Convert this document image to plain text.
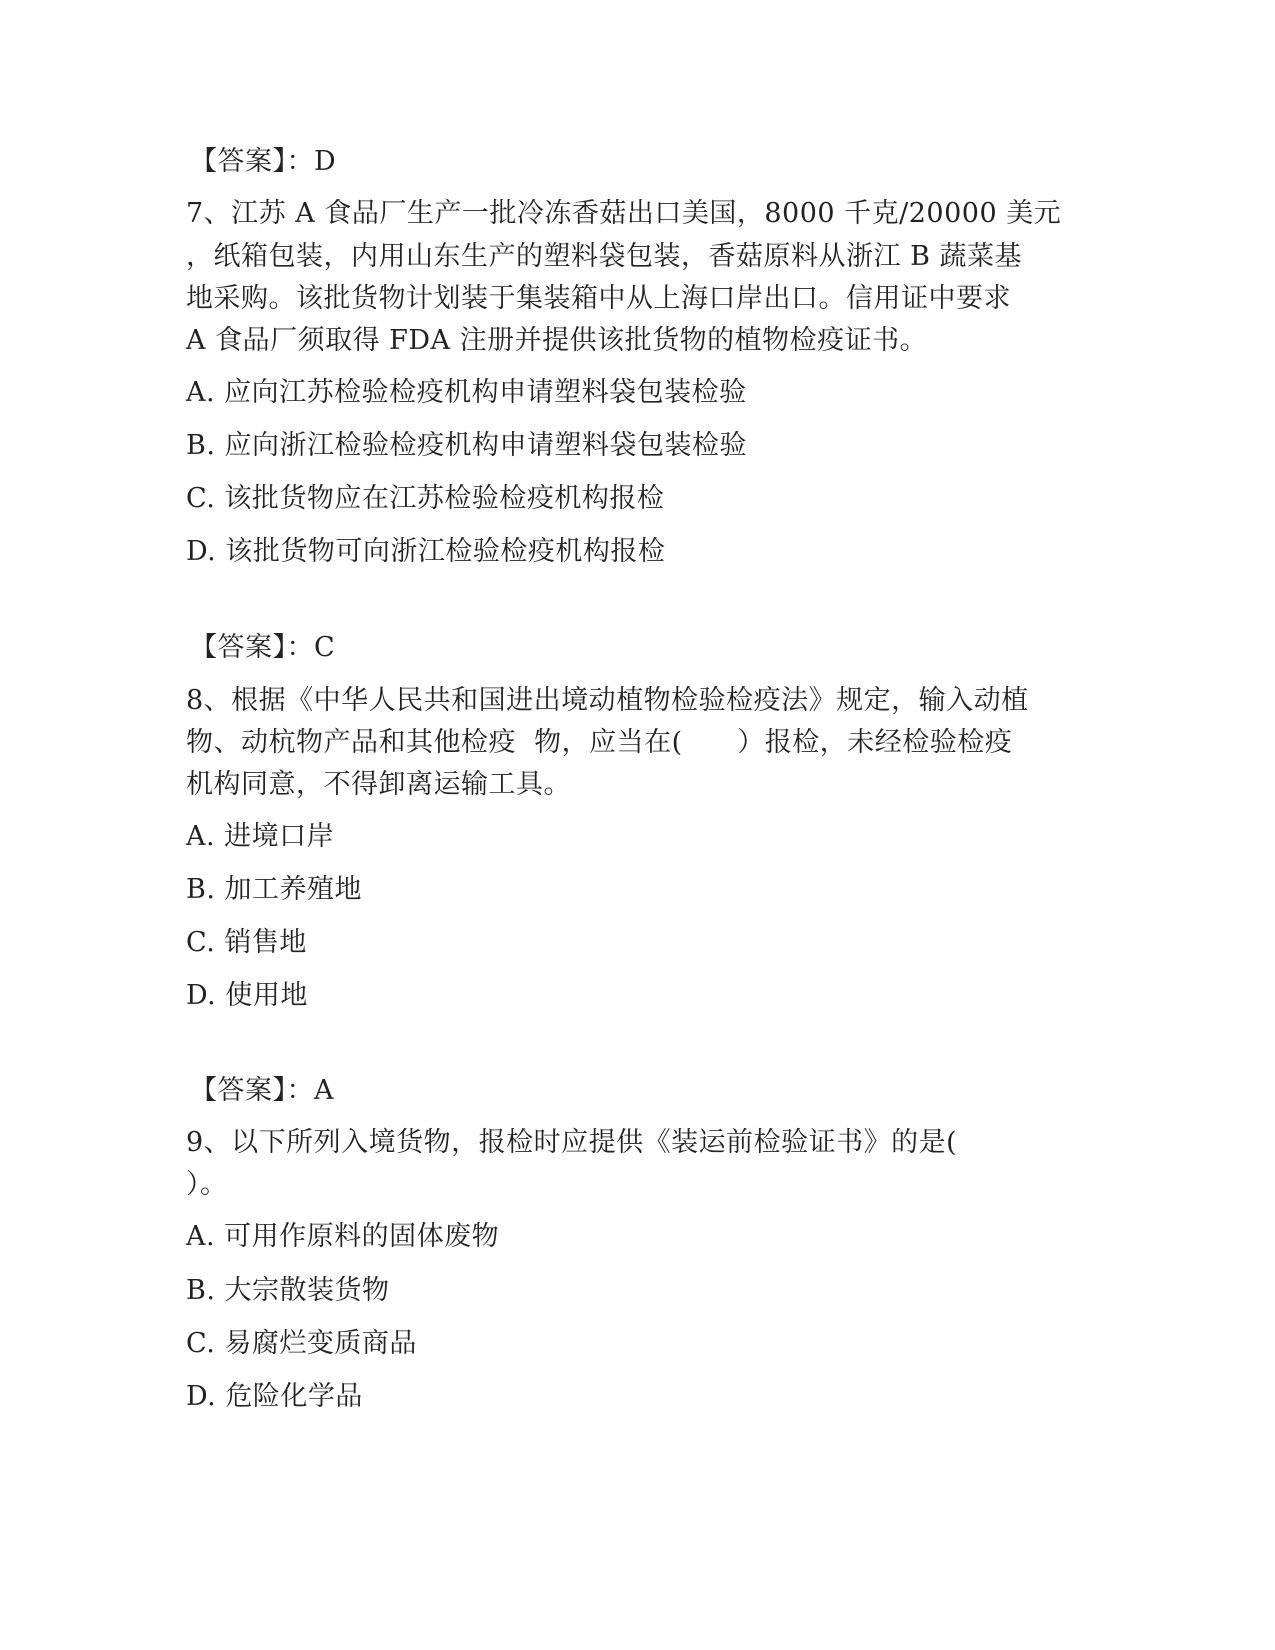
【答案】：D
7、江苏 A 食品厂生产一批冷冻香菇出口美国，8000 千克/20000 美元
，纸箱包装，内用山东生产的塑料袋包装，香菇原料从浙江 B 蔬菜基
地采购。该批货物计划装于集装箱中从上海口岸出口。信用证中要求
A 食品厂须取得 FDA 注册并提供该批货物的植物检疫证书。
A. 应向江苏检验检疫机构申请塑料袋包装检验
B. 应向浙江检验检疫机构申请塑料袋包装检验
C. 该批货物应在江苏检验检疫机构报检
D. 该批货物可向浙江检验检疫机构报检
【答案】：C
8、根据《中华人民共和国进出境动植物检验检疫法》规定，输入动植
物、动杭物产品和其他检疫  物，应当在(      ）报检，未经检验检疫
机构同意，不得卸离运输工具。
A. 进境口岸
B. 加工养殖地
C. 销售地
D. 使用地
【答案】：A
9、以下所列入境货物，报检时应提供《装运前检验证书》的是(
）。
A. 可用作原料的固体废物
B. 大宗散装货物
C. 易腐烂变质商品
D. 危险化学品
